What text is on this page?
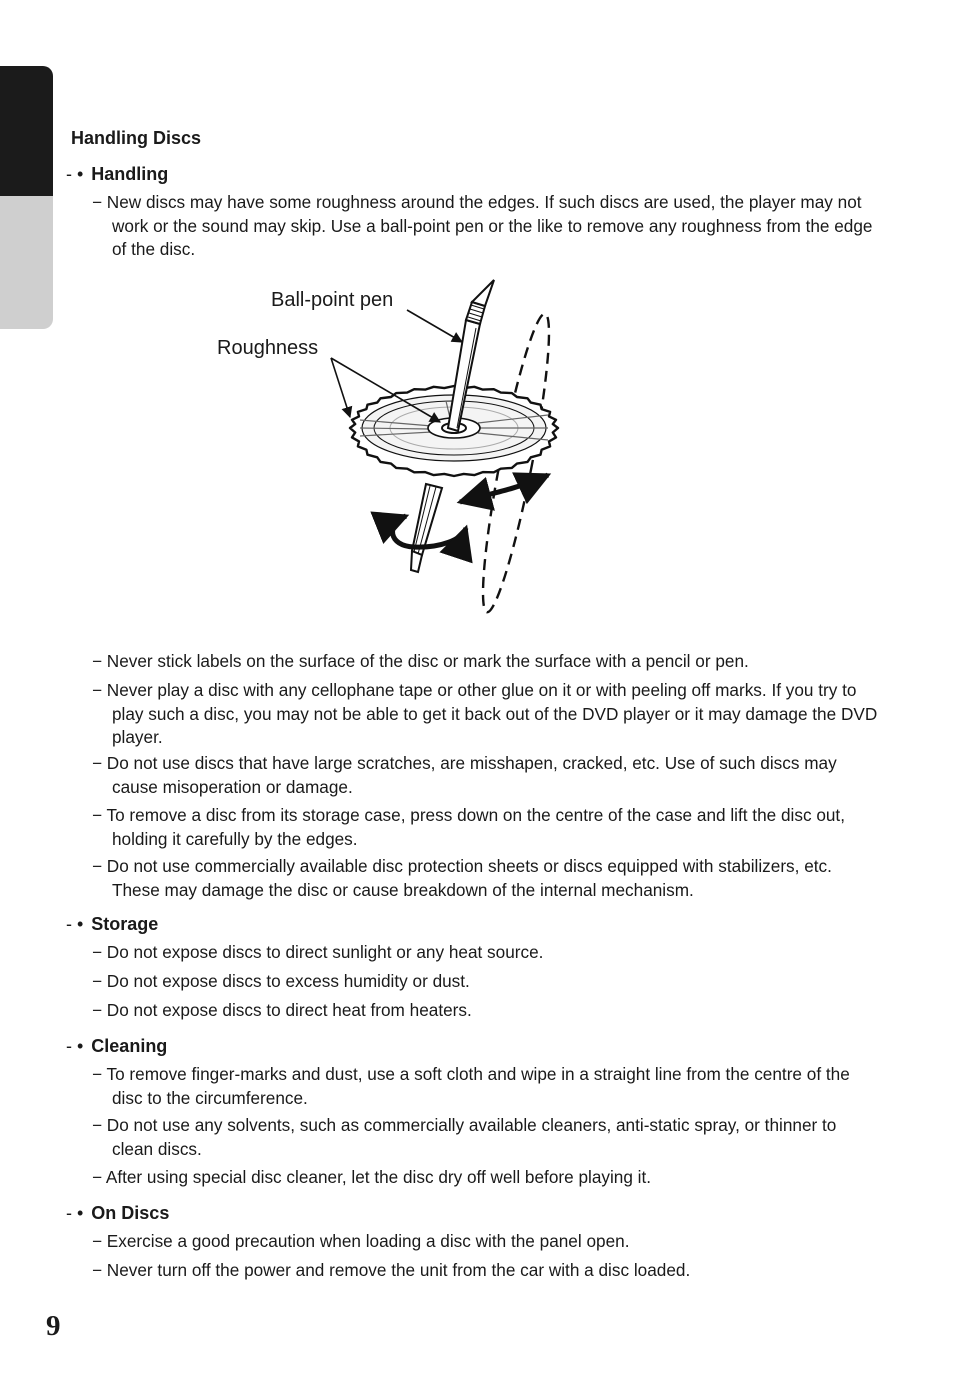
Handling Discs
- • Handling

− New discs may have some roughness around the edges. If such discs are used, the player may not work or the sound may skip. Use a ball-point pen or the like to remove any roughness from the edge of the disc.

Ball-point pen
Roughness

− Never stick labels on the surface of the disc or mark the surface with a pencil or pen.

− Never play a disc with any cellophane tape or other glue on it or with peeling off marks. If you try to play such a disc, you may not be able to get it back out of the DVD player or it may damage the DVD player.

− Do not use discs that have large scratches, are misshapen, cracked, etc. Use of such discs may cause misoperation or damage.

− To remove a disc from its storage case, press down on the centre of the case and lift the disc out, holding it carefully by the edges.

− Do not use commercially available disc protection sheets or discs equipped with stabilizers, etc. These may damage the disc or cause breakdown of the internal mechanism.

- • Storage

− Do not expose discs to direct sunlight or any heat source.

− Do not expose discs to excess humidity or dust.

− Do not expose discs to direct heat from heaters.

- • Cleaning

− To remove finger-marks and dust, use a soft cloth and wipe in a straight line from the centre of the disc to the circumference.

− Do not use any solvents, such as commercially available cleaners, anti-static spray, or thinner to clean discs.

− After using special disc cleaner, let the disc dry off well before playing it.

- • On Discs

− Exercise a good precaution when loading a disc with the panel open.

− Never turn off the power and remove the unit from the car with a disc loaded.

9
